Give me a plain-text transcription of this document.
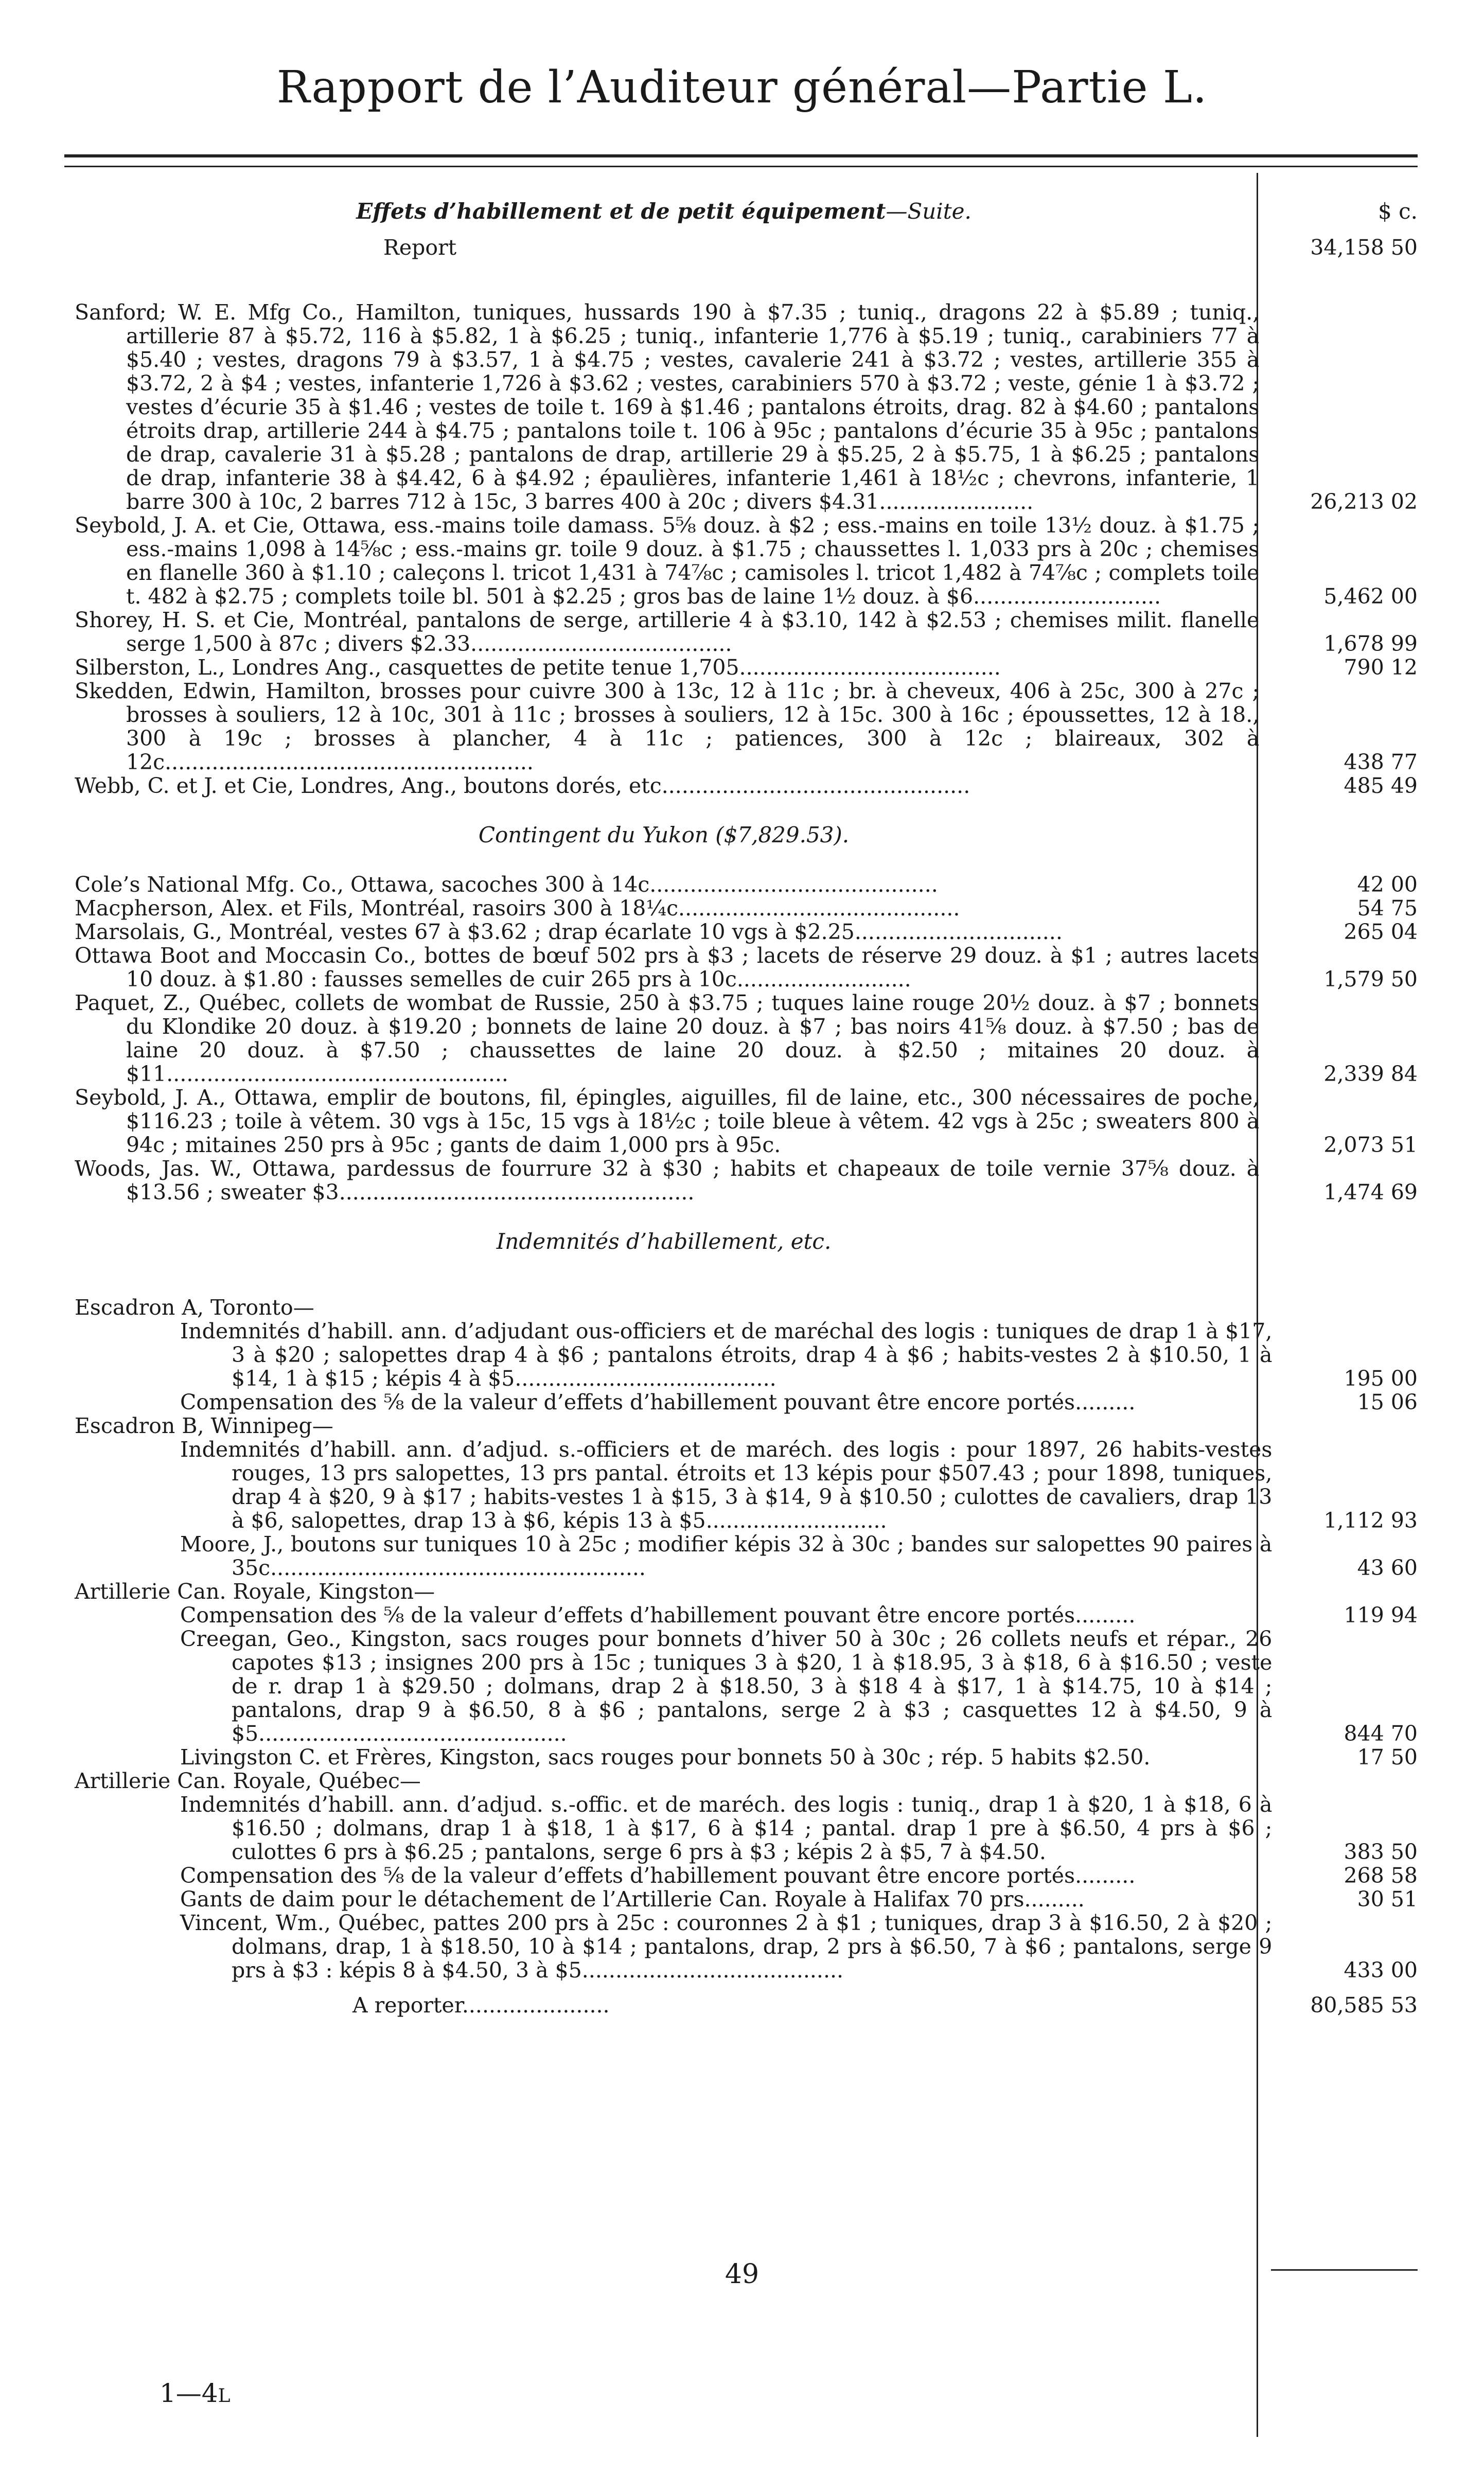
Rapport de l’Auditeur général—Partie L.
Effets d’habillement et de petit équipement—Suite.	$ c.
Report	34,158 50
Sanford; W. E. Mfg Co., Hamilton, tuniques, hussards 190 à $7.35 ; tuniq., dragons 22 à $5.89 ; tuniq., artillerie 87 à $5.72, 116 à $5.82, 1 à $6.25 ; tuniq., infanterie 1,776 à $5.19 ; tuniq., carabiniers 77 à $5.40 ; vestes, dragons 79 à $3.57, 1 à $4.75 ; vestes, cavalerie 241 à $3.72 ; vestes, artillerie 355 à $3.72, 2 à $4 ; vestes, infanterie 1,726 à $3.62 ; vestes, carabiniers 570 à $3.72 ; veste, génie 1 à $3.72 ; vestes d’écurie 35 à $1.46 ; vestes de toile t. 169 à $1.46 ; pantalons étroits, drag. 82 à $4.60 ; pantalons étroits drap, artillerie 244 à $4.75 ; pantalons toile t. 106 à 95c ; pantalons d’écurie 35 à 95c ; pantalons de drap, cavalerie 31 à $5.28 ; pantalons de drap, artillerie 29 à $5.25, 2 à $5.75, 1 à $6.25 ; pantalons de drap, infanterie 38 à $4.42, 6 à $4.92 ; épaulières, infanterie 1,461 à 18½c ; chevrons, infanterie, 1 barre 300 à 10c, 2 barres 712 à 15c, 3 barres 400 à 20c ; divers $4.31.......................	26,213 02
Seybold, J. A. et Cie, Ottawa, ess.-mains toile damass. 5⅝ douz. à $2 ; ess.-mains en toile 13½ douz. à $1.75 ; ess.-mains 1,098 à 14⅝c ; ess.-mains gr. toile 9 douz. à $1.75 ; chaussettes l. 1,033 prs à 20c ; chemises en flanelle 360 à $1.10 ; caleçons l. tricot 1,431 à 74⅞c ; camisoles l. tricot 1,482 à 74⅞c ; complets toile t. 482 à $2.75 ; complets toile bl. 501 à $2.25 ; gros bas de laine 1⅟₂ douz. à $6............................	5,462 00
Shorey, H. S. et Cie, Montréal, pantalons de serge, artillerie 4 à $3.10, 142 à $2.53 ; chemises milit. flanelle serge 1,500 à 87c ; divers $2.33.......................................	1,678 99
Silberston, L., Londres Ang., casquettes de petite tenue 1,705.......................................	790 12
Skedden, Edwin, Hamilton, brosses pour cuivre 300 à 13c, 12 à 11c ; br. à cheveux, 406 à 25c, 300 à 27c ; brosses à souliers, 12 à 10c, 301 à 11c ; brosses à souliers, 12 à 15c. 300 à 16c ; époussettes, 12 à 18., 300 à 19c ; brosses à plancher, 4 à 11c ; patiences, 300 à 12c ; blaireaux, 302 à 12c.......................................................	438 77
Webb, C. et J. et Cie, Londres, Ang., boutons dorés, etc..............................................	485 49
Contingent du Yukon ($7,829.53).
Cole’s National Mfg. Co., Ottawa, sacoches 300 à 14c...........................................	42 00
Macpherson, Alex. et Fils, Montréal, rasoirs 300 à 18¼c..........................................	54 75
Marsolais, G., Montréal, vestes 67 à $3.62 ; drap écarlate 10 vgs à $2.25...............................	265 04
Ottawa Boot and Moccasin Co., bottes de bœuf 502 prs à $3 ; lacets de réserve 29 douz. à $1 ; autres lacets 10 douz. à $1.80 : fausses semelles de cuir 265 prs à 10c..........................	1,579 50
Paquet, Z., Québec, collets de wombat de Russie, 250 à $3.75 ; tuques laine rouge 20⅟₂ douz. à $7 ; bonnets du Klondike 20 douz. à $19.20 ; bonnets de laine 20 douz. à $7 ; bas noirs 41⅝ douz. à $7.50 ; bas de laine 20 douz. à $7.50 ; chaussettes de laine 20 douz. à $2.50 ; mitaines 20 douz. à $11...................................................	2,339 84
Seybold, J. A., Ottawa, emplir de boutons, fil, épingles, aiguilles, fil de laine, etc., 300 nécessaires de poche, $116.23 ; toile à vêtem. 30 vgs à 15c, 15 vgs à 18½c ; toile bleue à vêtem. 42 vgs à 25c ; sweaters 800 à 94c ; mitaines 250 prs à 95c ; gants de daim 1,000 prs à 95c.	2,073 51
Woods, Jas. W., Ottawa, pardessus de fourrure 32 à $30 ; habits et chapeaux de toile vernie 37⅝ douz. à $13.56 ; sweater $3.....................................................	1,474 69
Indemnités d’habillement, etc.
Escadron A, Toronto—
Indemnités d’habill. ann. d’adjudant ous-officiers et de maréchal des logis : tuniques de drap 1 à $17, 3 à $20 ; salopettes drap 4 à $6 ; pantalons étroits, drap 4 à $6 ; habits-vestes 2 à $10.50, 1 à $14, 1 à $15 ; képis 4 à $5.......................................	195 00
Compensation des ⅝ de la valeur d’effets d’habillement pouvant être encore portés.........	15 06
Escadron B, Winnipeg—
Indemnités d’habill. ann. d’adjud. s.-officiers et de maréch. des logis : pour 1897, 26 habits-vestes rouges, 13 prs salopettes, 13 prs pantal. étroits et 13 képis pour $507.43 ; pour 1898, tuniques, drap 4 à $20, 9 à $17 ; habits-vestes 1 à $15, 3 à $14, 9 à $10.50 ; culottes de cavaliers, drap 13 à $6, salopettes, drap 13 à $6, képis 13 à $5...........................	1,112 93
Moore, J., boutons sur tuniques 10 à 25c ; modifier képis 32 à 30c ; bandes sur salopettes 90 paires à 35c........................................................	43 60
Artillerie Can. Royale, Kingston—
Compensation des ⅝ de la valeur d’effets d’habillement pouvant être encore portés.........	119 94
Creegan, Geo., Kingston, sacs rouges pour bonnets d’hiver 50 à 30c ; 26 collets neufs et répar., 26 capotes $13 ; insignes 200 prs à 15c ; tuniques 3 à $20, 1 à $18.95, 3 à $18, 6 à $16.50 ; veste de r. drap 1 à $29.50 ; dolmans, drap 2 à $18.50, 3 à $18 4 à $17, 1 à $14.75, 10 à $14 ; pantalons, drap 9 à $6.50, 8 à $6 ; pantalons, serge 2 à $3 ; casquettes 12 à $4.50, 9 à $5..............................................	844 70
Livingston C. et Frères, Kingston, sacs rouges pour bonnets 50 à 30c ; rép. 5 habits $2.50.	17 50
Artillerie Can. Royale, Québec—
Indemnités d’habill. ann. d’adjud. s.-offic. et de maréch. des logis : tuniq., drap 1 à $20, 1 à $18, 6 à $16.50 ; dolmans, drap 1 à $18, 1 à $17, 6 à $14 ; pantal. drap 1 pre à $6.50, 4 prs à $6 ; culottes 6 prs à $6.25 ; pantalons, serge 6 prs à $3 ; képis 2 à $5, 7 à $4.50.	383 50
Compensation des ⅝ de la valeur d’effets d’habillement pouvant être encore portés.........	268 58
Gants de daim pour le détachement de l’Artillerie Can. Royale à Halifax 70 prs.........	30 51
Vincent, Wm., Québec, pattes 200 prs à 25c : couronnes 2 à $1 ; tuniques, drap 3 à $16.50, 2 à $20 ; dolmans, drap, 1 à $18.50, 10 à $14 ; pantalons, drap, 2 prs à $6.50, 7 à $6 ; pantalons, serge 9 prs à $3 : képis 8 à $4.50, 3 à $5.......................................	433 00
A reporter......................	80,585 53
49
1—4L
